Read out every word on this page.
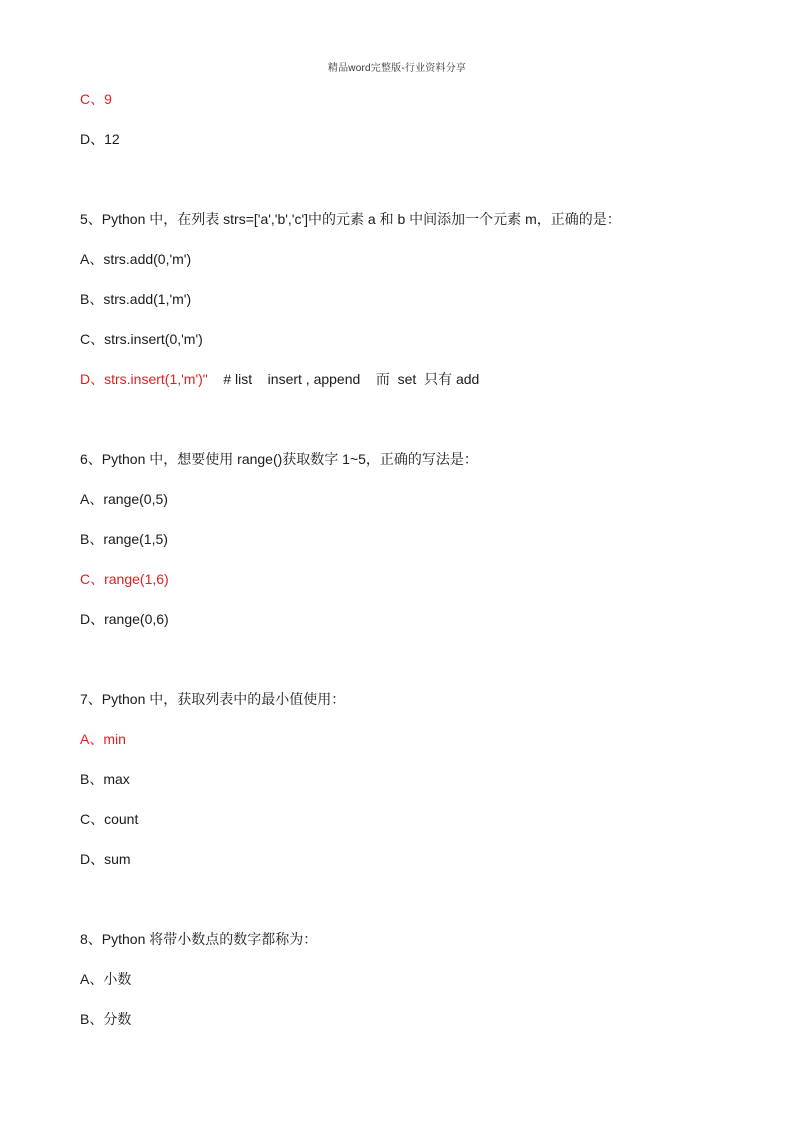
精品word完整版-行业资料分享
C、9
D、12
5、Python 中，在列表 strs=['a','b','c']中的元素 a 和 b 中间添加一个元素 m，正确的是：
A、strs.add(0,'m')
B、strs.add(1,'m')
C、strs.insert(0,'m')
D、strs.insert(1,'m')"    # list    insert , append    而  set  只有 add
6、Python 中，想要使用 range()获取数字 1~5，正确的写法是：
A、range(0,5)
B、range(1,5)
C、range(1,6)
D、range(0,6)
7、Python 中，获取列表中的最小值使用：
A、min
B、max
C、count
D、sum
8、Python 将带小数点的数字都称为：
A、小数
B、分数
